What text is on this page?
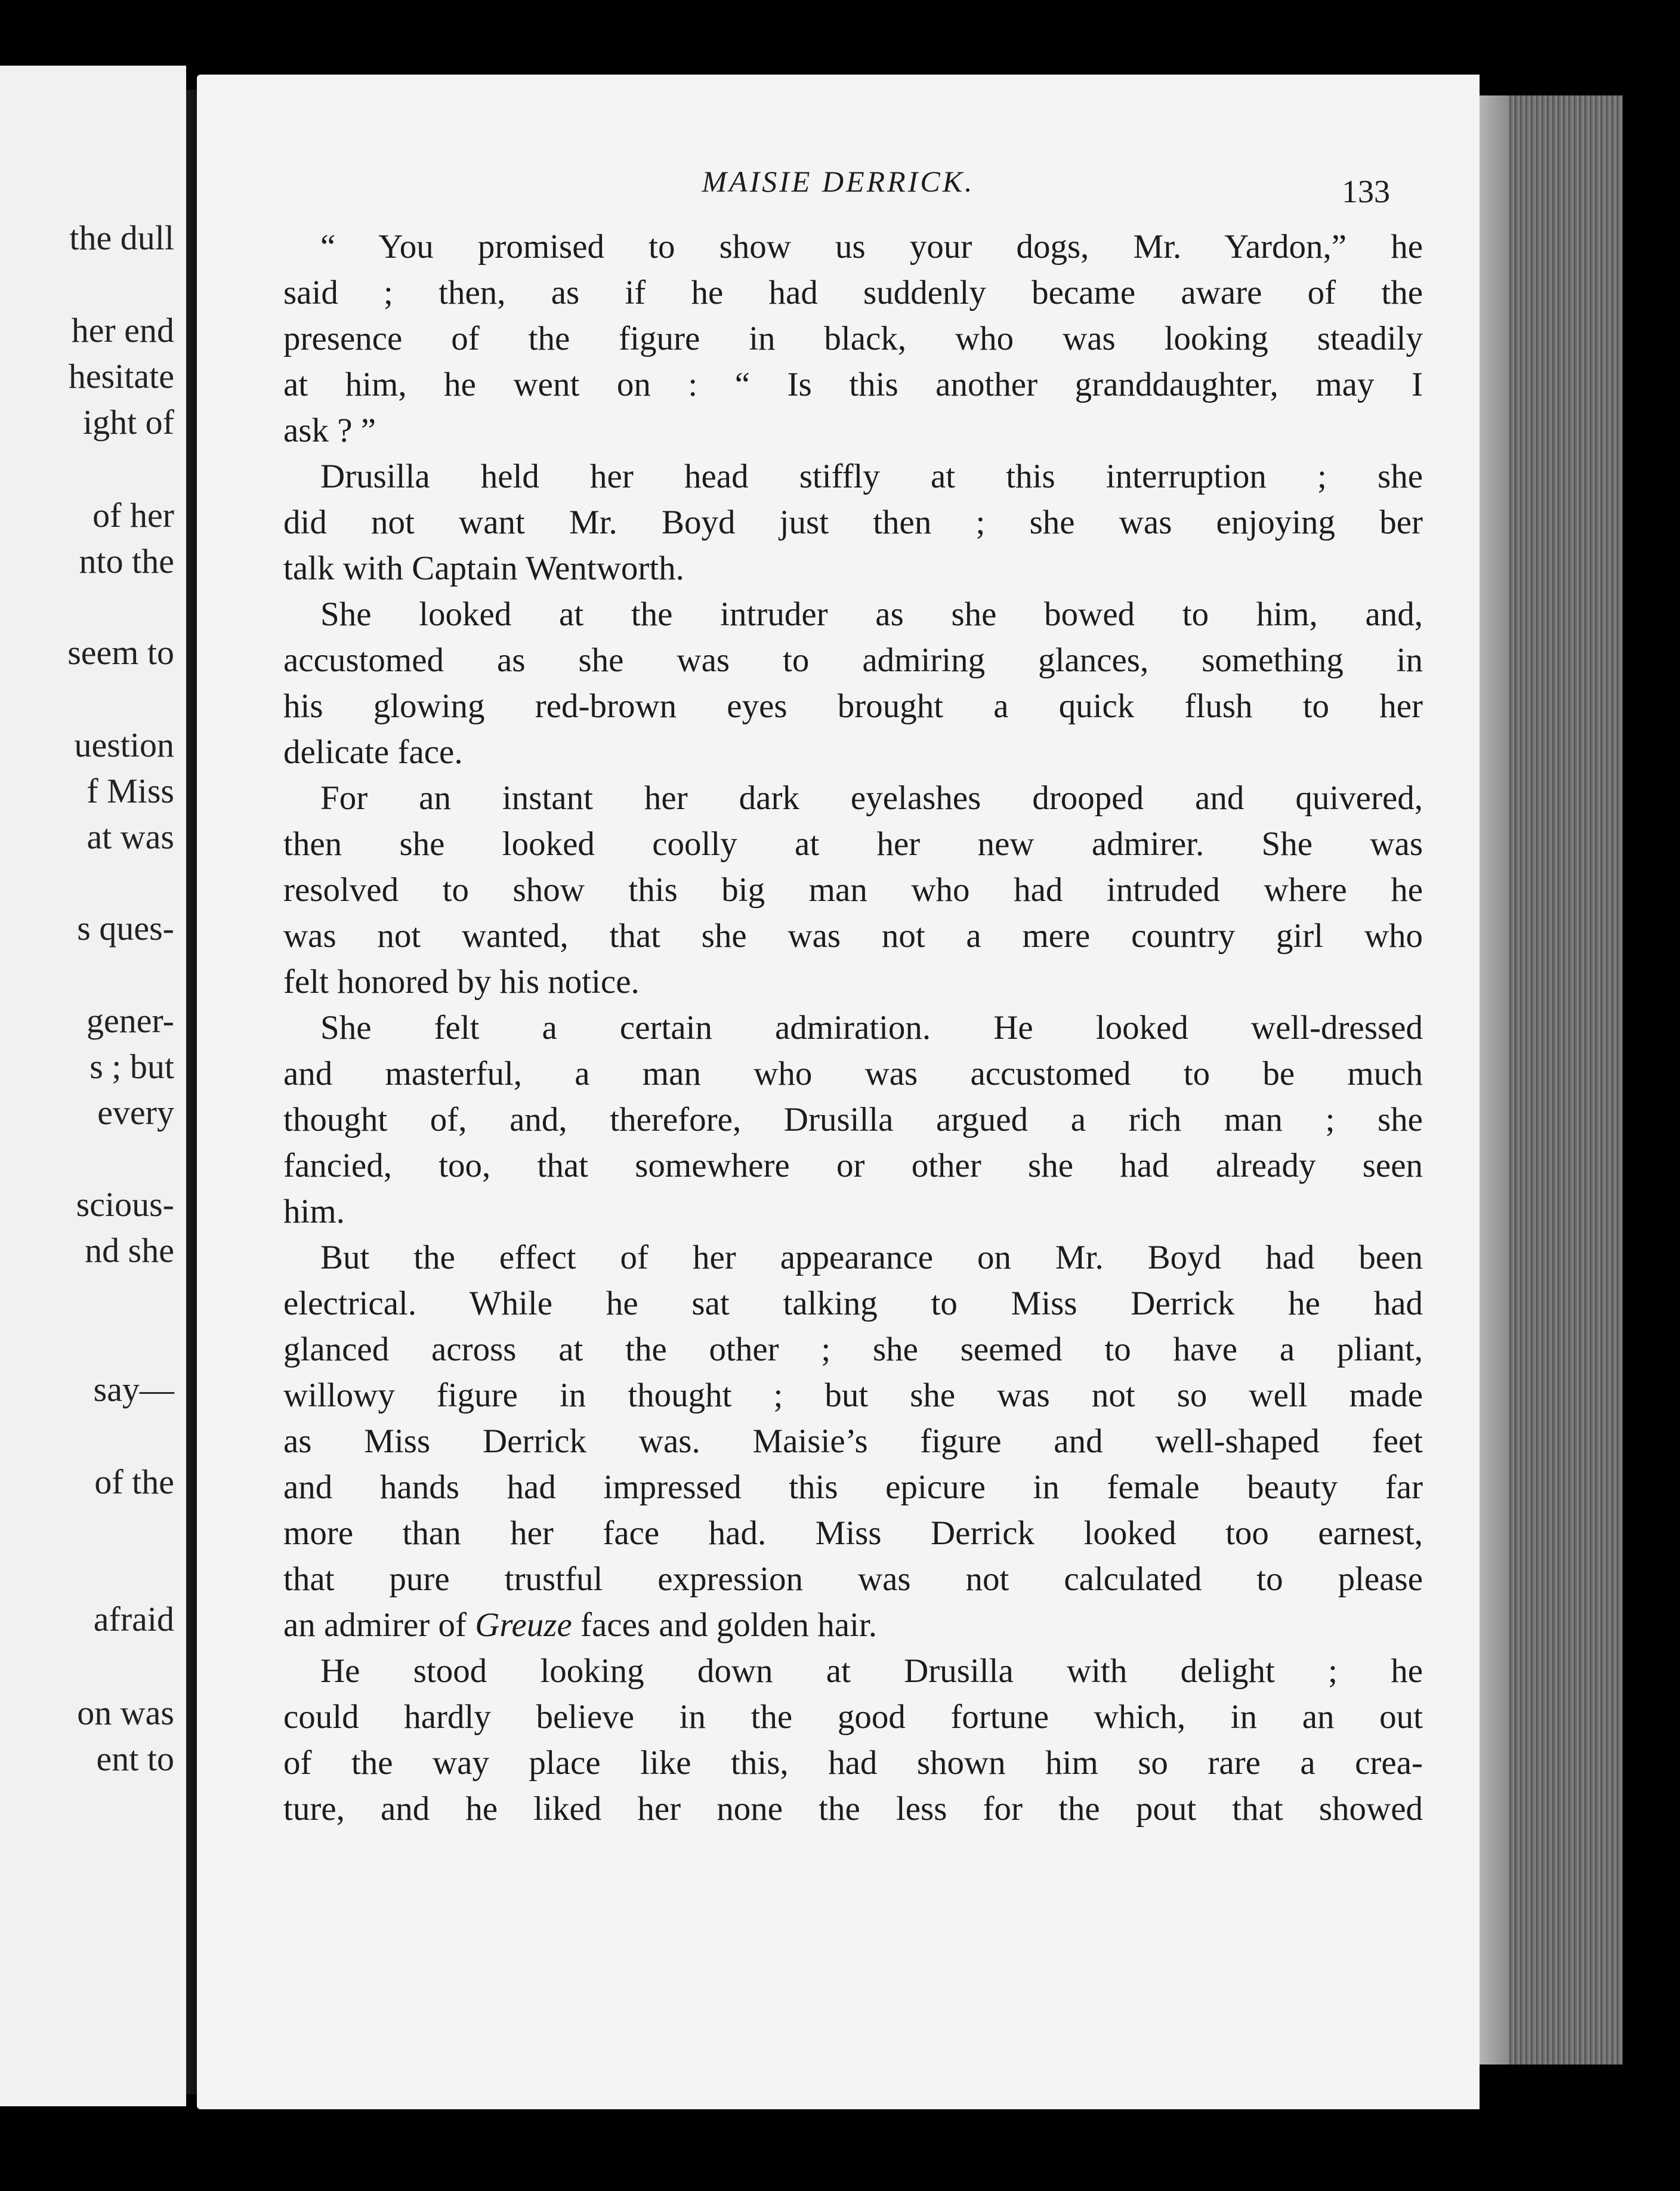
the dull
her end
hesitate
ight of
of her
nto the
seem to
uestion
f Miss
at was
s ques-
gener-
s ; but
every
scious-
nd she
say—
of the
afraid
on was
ent to
MAISIE DERRICK.	133
“ You promised to show us your dogs, Mr. Yardon,” he
said ; then, as if he had suddenly became aware of the
presence of the figure in black, who was looking steadily
at him, he went on : “ Is this another granddaughter, may I
ask ? ”
Drusilla held her head stiffly at this interruption ; she
did not want Mr. Boyd just then ; she was enjoying ber
talk with Captain Wentworth.
She looked at the intruder as she bowed to him, and,
accustomed as she was to admiring glances, something in
his glowing red-brown eyes brought a quick flush to her
delicate face.
For an instant her dark eyelashes drooped and quivered,
then she looked coolly at her new admirer. She was
resolved to show this big man who had intruded where he
was not wanted, that she was not a mere country girl who
felt honored by his notice.
She felt a certain admiration. He looked well-dressed
and masterful, a man who was accustomed to be much
thought of, and, therefore, Drusilla argued a rich man ; she
fancied, too, that somewhere or other she had already seen
him.
But the effect of her appearance on Mr. Boyd had been
electrical. While he sat talking to Miss Derrick he had
glanced across at the other ; she seemed to have a pliant,
willowy figure in thought ; but she was not so well made
as Miss Derrick was. Maisie’s figure and well-shaped feet
and hands had impressed this epicure in female beauty far
more than her face had. Miss Derrick looked too earnest,
that pure trustful expression was not calculated to please
an admirer of Greuze faces and golden hair.
He stood looking down at Drusilla with delight ; he
could hardly believe in the good fortune which, in an out
of the way place like this, had shown him so rare a crea-
ture, and he liked her none the less for the pout that showed
